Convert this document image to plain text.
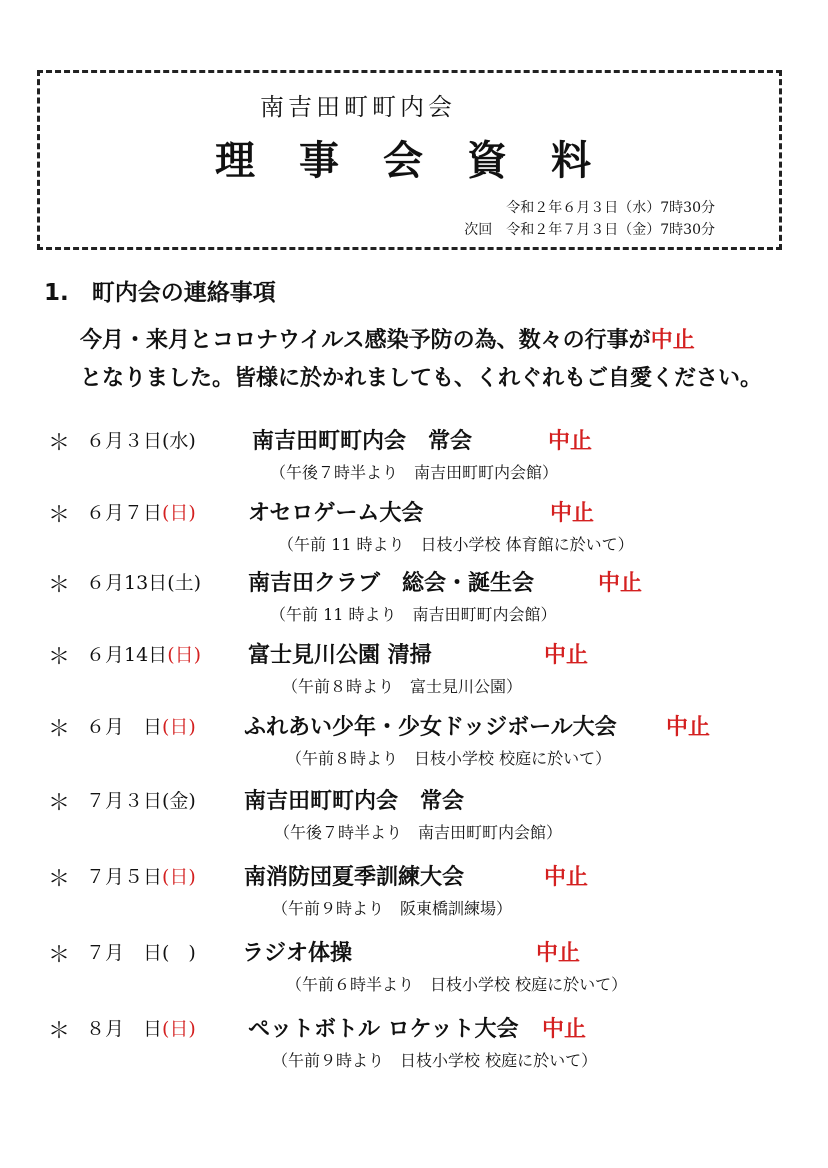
南吉田町町内会
理事会資料
令和２年６月３日（水）7時30分
次回　令和２年７月３日（金）7時30分
1.　町内会の連絡事項
今月・来月とコロナウイルス感染予防の為、数々の行事が中止
となりました。皆様に於かれましても、くれぐれもご自愛ください。
＊ ６月３日(水)	南吉田町町内会　常会	中止
（午後７時半より　南吉田町町内会館）
＊ ６月７日(日) オセロゲーム大会	中止
（午前 11 時より　日枝小学校 体育館に於いて）
＊ ６月13日(土) 南吉田クラブ　総会・誕生会	中止
（午前 11 時より　南吉田町町内会館）
＊ ６月14日(日) 富士見川公園 清掃	中止
（午前８時より　富士見川公園）
＊ ６月　日(日) ふれあい少年・少女ドッジボール大会 中止
（午前８時より　日枝小学校 校庭に於いて）
＊ ７月３日(金) 南吉田町町内会　常会
（午後７時半より　南吉田町町内会館）
＊ ７月５日(日) 南消防団夏季訓練大会	中止
（午前９時より　阪東橋訓練場）
＊ ７月　日(　) ラジオ体操	中止
（午前６時半より　日枝小学校 校庭に於いて）
＊ ８月　日(日) ペットボトル ロケット大会 中止
（午前９時より　日枝小学校 校庭に於いて）
